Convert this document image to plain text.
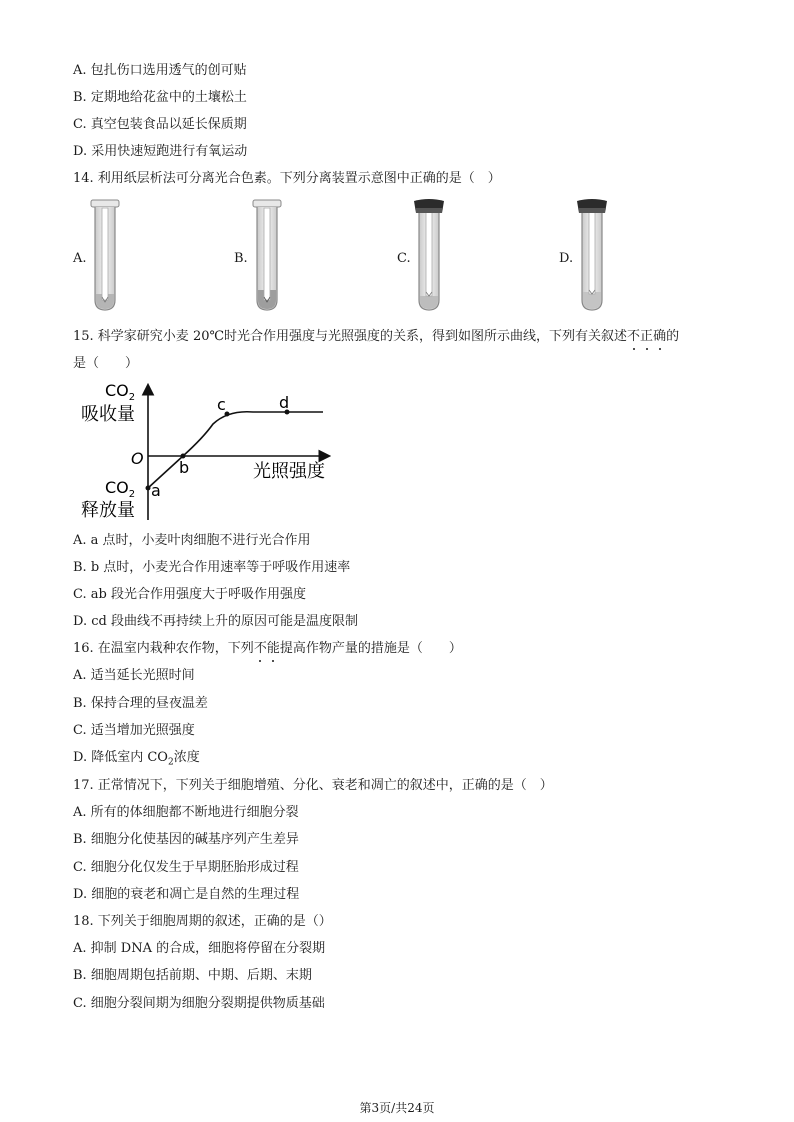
A. 包扎伤口选用透气的创可贴
B. 定期地给花盆中的土壤松土
C. 真空包装食品以延长保质期
D. 采用快速短跑进行有氧运动
14. 利用纸层析法可分离光合色素。下列分离装置示意图中正确的是（　）
A.	B.	C.	D.
15. 科学家研究小麦 20℃时光合作用强度与光照强度的关系，得到如图所示曲线，下列有关叙述不正确的
是（　　）
$CO_2$
吸收量
O
光照强度
$CO_2$
释放量
a
b
c	d
A. a 点时，小麦叶肉细胞不进行光合作用
B. b 点时，小麦光合作用速率等于呼吸作用速率
C. ab 段光合作用强度大于呼吸作用强度
D. cd 段曲线不再持续上升的原因可能是温度限制
16. 在温室内栽种农作物，下列不能提高作物产量的措施是（　　）
A. 适当延长光照时间
B. 保持合理的昼夜温差
C. 适当增加光照强度
D. 降低室内 $CO_2$浓度
17. 正常情况下，下列关于细胞增殖、分化、衰老和凋亡的叙述中，正确的是（　）
A. 所有的体细胞都不断地进行细胞分裂
B. 细胞分化使基因的碱基序列产生差异
C. 细胞分化仅发生于早期胚胎形成过程
D. 细胞的衰老和凋亡是自然的生理过程
18. 下列关于细胞周期的叙述，正确的是（）
A. 抑制 DNA 的合成，细胞将停留在分裂期
B. 细胞周期包括前期、中期、后期、末期
C. 细胞分裂间期为细胞分裂期提供物质基础
第3页/共24页
